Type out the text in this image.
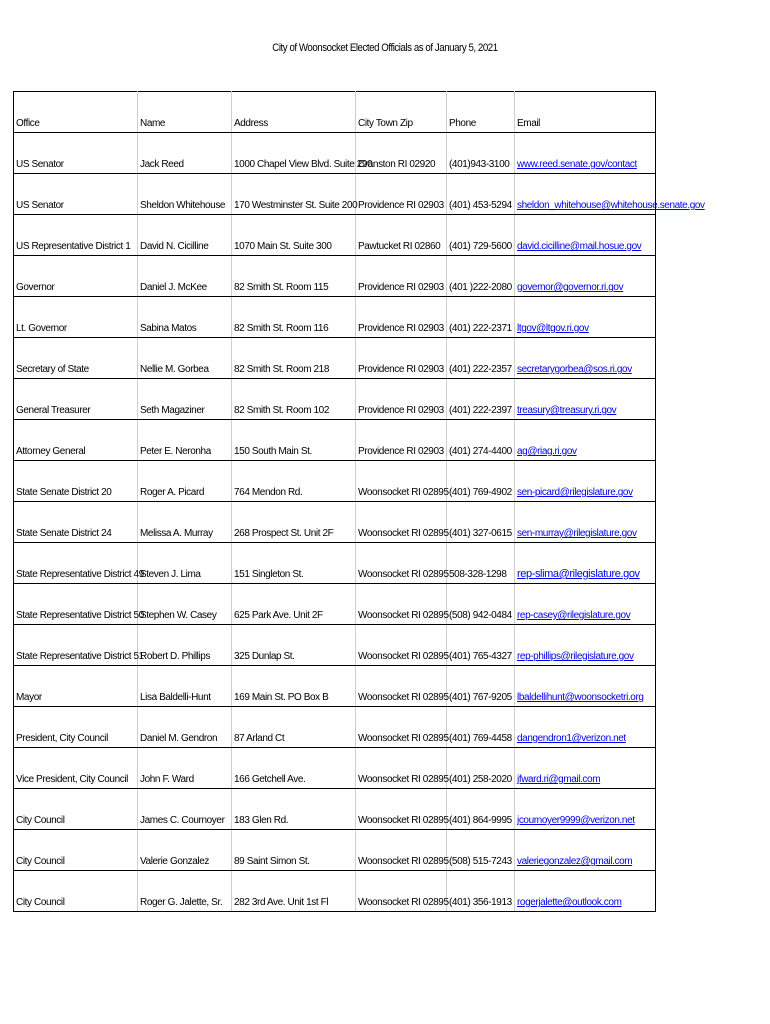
City of Woonsocket Elected Officials as of January 5, 2021
Office	Name	Address	City Town Zip	Phone	Email
US Senator	Jack Reed	1000 Chapel View Blvd. Suite 290	Cranston RI 02920	(401)943-3100	www.reed.senate.gov/contact
US Senator	Sheldon Whitehouse	170 Westminster St. Suite 200	Providence RI 02903	(401) 453-5294	sheldon_whitehouse@whitehouse.senate.gov
US Representative District 1	David N. Cicilline	1070 Main St. Suite 300	Pawtucket RI 02860	(401) 729-5600	david.cicilline@mail.hosue.gov
Governor	Daniel J. McKee	82 Smith St. Room 115	Providence RI 02903	(401 )222-2080	governor@governor.ri.gov
Lt. Governor	Sabina Matos	82 Smith St. Room 116	Providence RI 02903	(401) 222-2371	ltgov@ltgov.ri.gov
Secretary of State	Nellie M. Gorbea	82 Smith St. Room 218	Providence RI 02903	(401) 222-2357	secretarygorbea@sos.ri.gov
General Treasurer	Seth Magaziner	82 Smith St. Room 102	Providence RI 02903	(401) 222-2397	treasury@treasury.ri.gov
Attorney General	Peter E. Neronha	150 South Main St.	Providence RI 02903	(401) 274-4400	ag@riag.ri.gov
State Senate District 20	Roger A. Picard	764 Mendon Rd.	Woonsocket RI 02895	(401) 769-4902	sen-picard@rilegislature.gov
State Senate District 24	Melissa A. Murray	268 Prospect St. Unit 2F	Woonsocket RI 02895	(401) 327-0615	sen-murray@rilegislature.gov
State Representative District 49	Steven J. Lima	151 Singleton St.	Woonsocket RI 02895	508-328-1298	rep-slima@rilegislature.gov
State Representative District 50	Stephen W. Casey	625 Park Ave. Unit 2F	Woonsocket RI 02895	(508) 942-0484	rep-casey@rilegislature.gov
State Representative District 51	Robert D. Phillips	325 Dunlap St.	Woonsocket RI 02895	(401) 765-4327	rep-phillips@rilegislature.gov
Mayor	Lisa Baldelli-Hunt	169 Main St. PO Box B	Woonsocket RI 02895	(401) 767-9205	lbaldellihunt@woonsocketri.org
President, City Council	Daniel M. Gendron	87 Arland Ct	Woonsocket RI 02895	(401) 769-4458	dangendron1@verizon.net
Vice President, City Council	John F. Ward	166 Getchell Ave.	Woonsocket RI 02895	(401) 258-2020	jfward.ri@gmail.com
City Council	James C. Cournoyer	183 Glen Rd.	Woonsocket RI 02895	(401) 864-9995	jcournoyer9999@verizon.net
City Council	Valerie Gonzalez	89 Saint Simon St.	Woonsocket RI 02895	(508) 515-7243	valeriegonzalez@gmail.com
City Council	Roger G. Jalette, Sr.	282 3rd Ave. Unit 1st Fl	Woonsocket RI 02895	(401) 356-1913	rogerjalette@outlook.com
